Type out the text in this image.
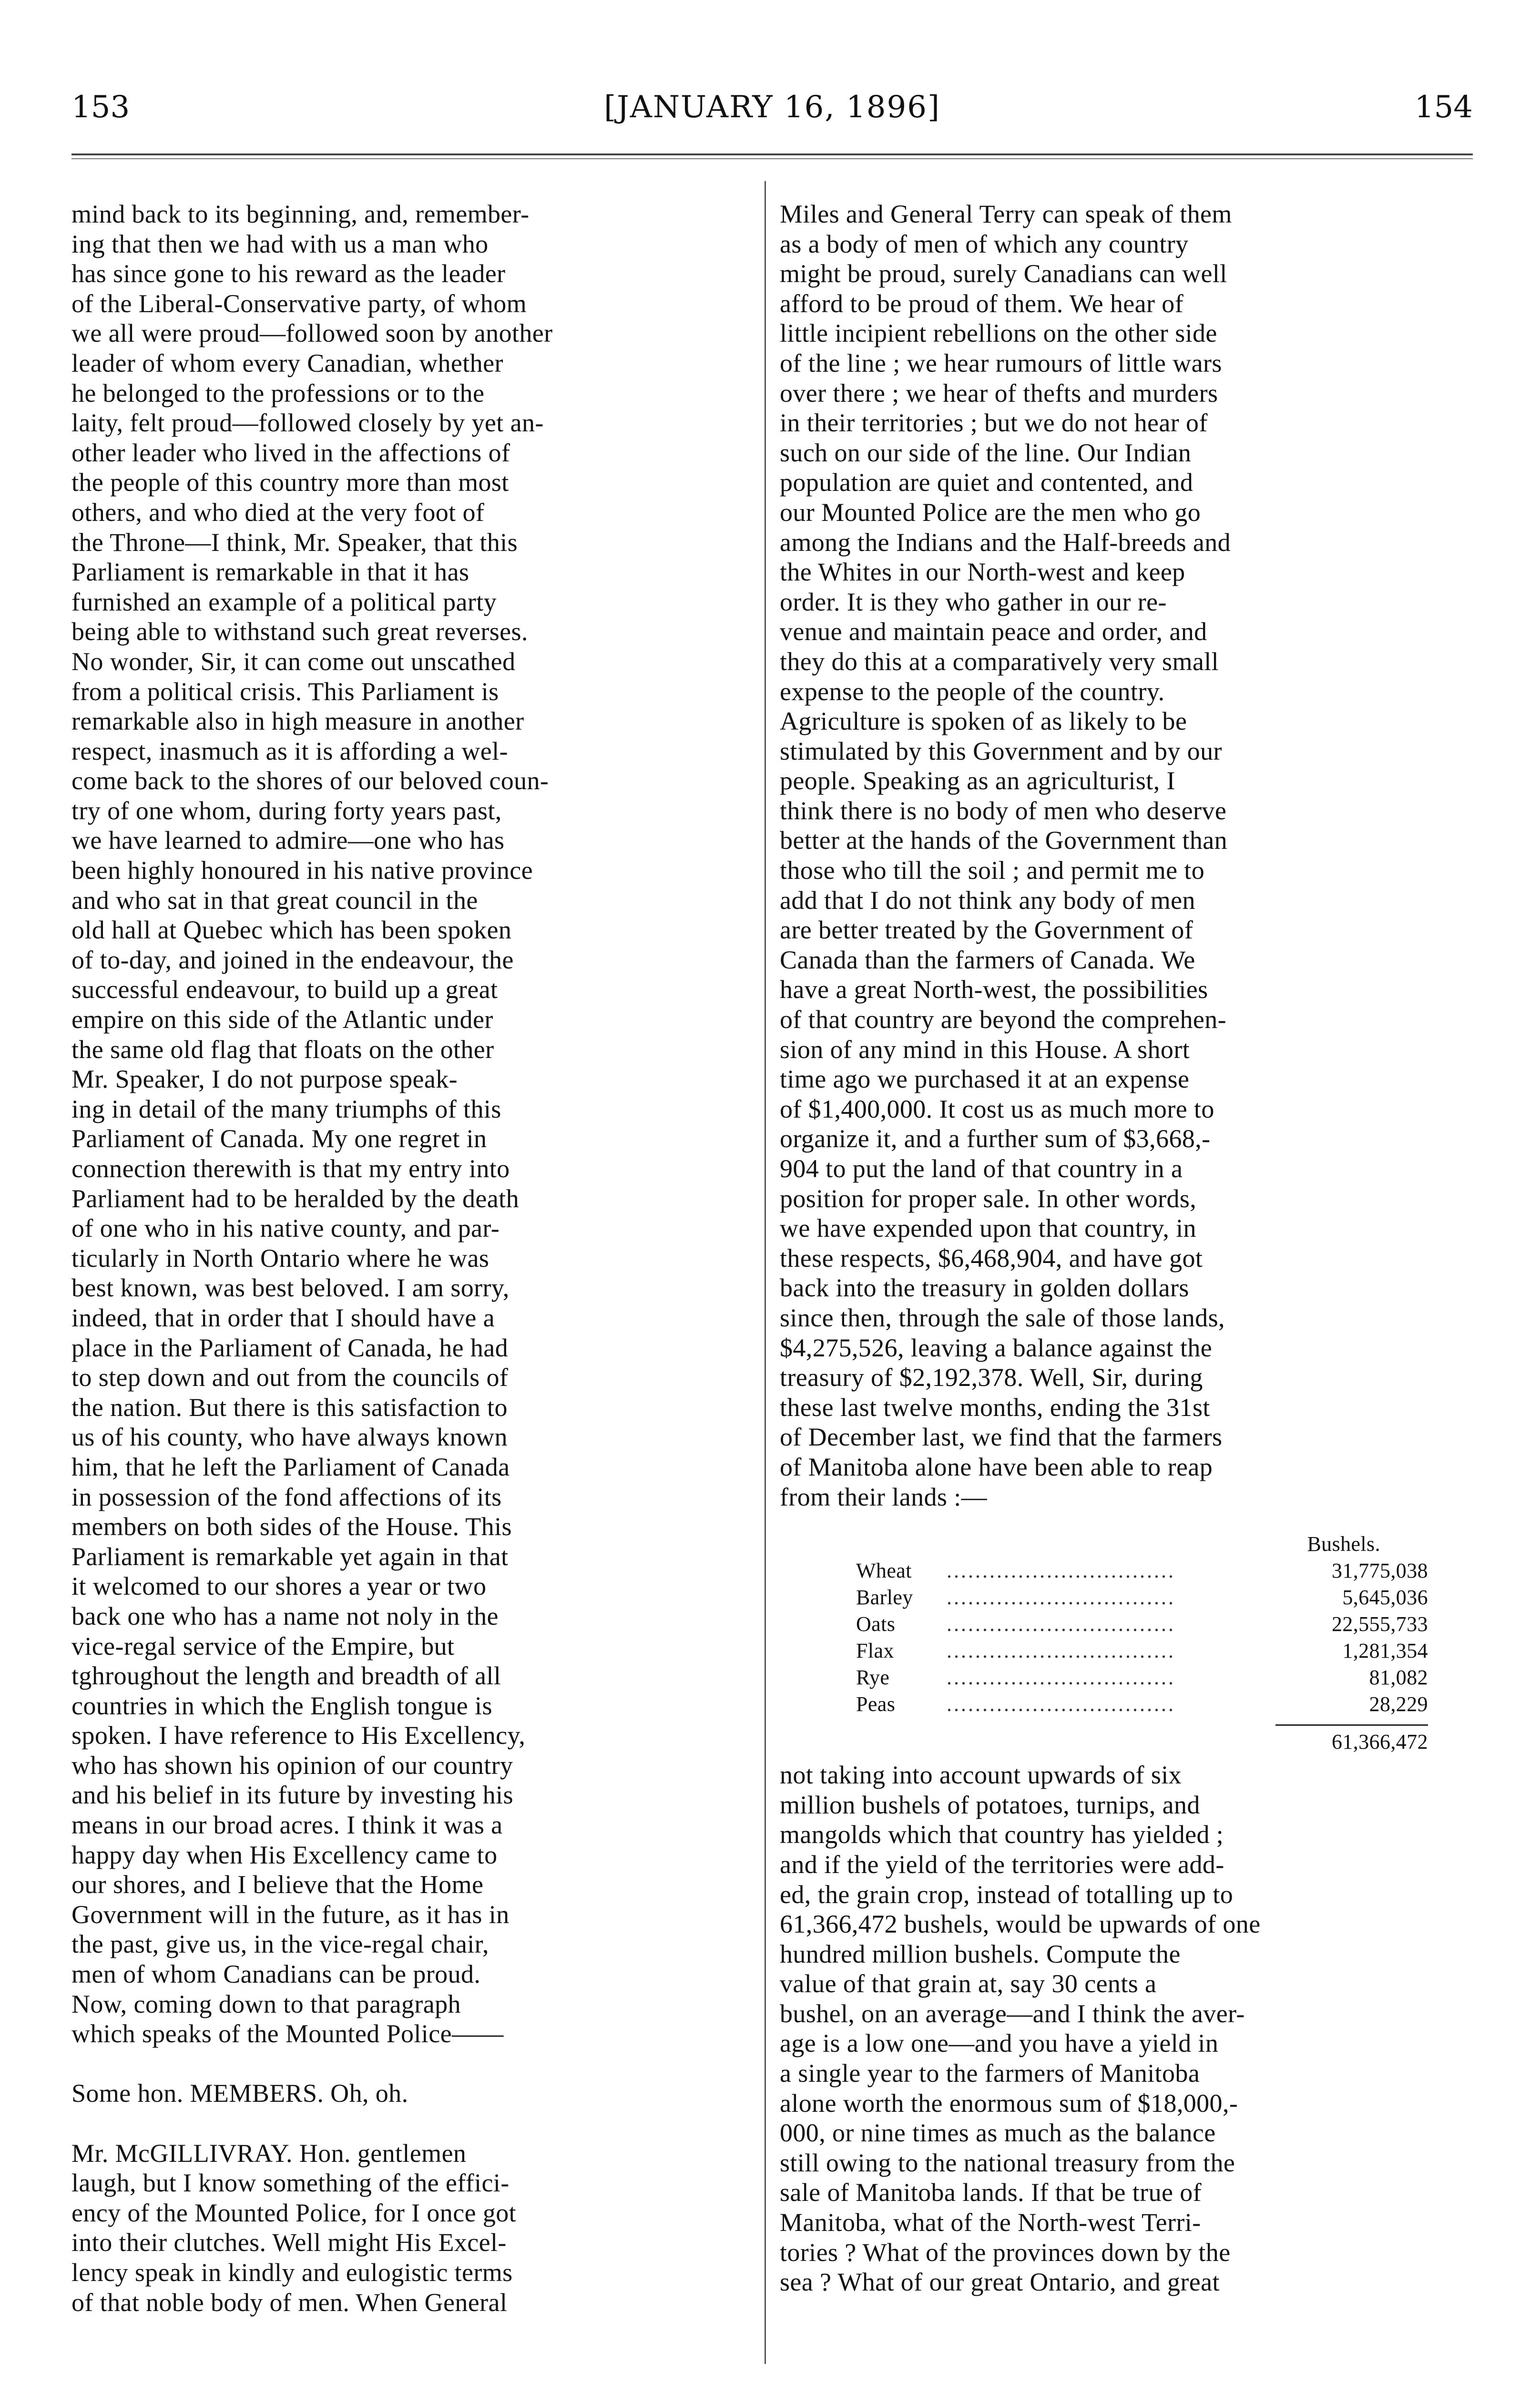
153	[JANUARY 16, 1896]	154
mind back to its beginning, and, remember-
ing that then we had with us a man who
has since gone to his reward as the leader
of the Liberal-Conservative party, of whom
we all were proud—followed soon by another
leader of whom every Canadian, whether
he belonged to the professions or to the
laity, felt proud—followed closely by yet an-
other leader who lived in the affections of
the people of this country more than most
others, and who died at the very foot of
the Throne—I think, Mr. Speaker, that this
Parliament is remarkable in that it has
furnished an example of a political party
being able to withstand such great reverses.
No wonder, Sir, it can come out unscathed
from a political crisis. This Parliament is
remarkable also in high measure in another
respect, inasmuch as it is affording a wel-
come back to the shores of our beloved coun-
try of one whom, during forty years past,
we have learned to admire—one who has
been highly honoured in his native province
and who sat in that great council in the
old hall at Quebec which has been spoken
of to-day, and joined in the endeavour, the
successful endeavour, to build up a great
empire on this side of the Atlantic under
the same old flag that floats on the other
Mr. Speaker, I do not purpose speak-
ing in detail of the many triumphs of this
Parliament of Canada. My one regret in
connection therewith is that my entry into
Parliament had to be heralded by the death
of one who in his native county, and par-
ticularly in North Ontario where he was
best known, was best beloved. I am sorry,
indeed, that in order that I should have a
place in the Parliament of Canada, he had
to step down and out from the councils of
the nation. But there is this satisfaction to
us of his county, who have always known
him, that he left the Parliament of Canada
in possession of the fond affections of its
members on both sides of the House. This
Parliament is remarkable yet again in that
it welcomed to our shores a year or two
back one who has a name not noly in the
vice-regal service of the Empire, but
tghroughout the length and breadth of all
countries in which the English tongue is
spoken. I have reference to His Excellency,
who has shown his opinion of our country
and his belief in its future by investing his
means in our broad acres. I think it was a
happy day when His Excellency came to
our shores, and I believe that the Home
Government will in the future, as it has in
the past, give us, in the vice-regal chair,
men of whom Canadians can be proud.
Now, coming down to that paragraph
which speaks of the Mounted Police——
Some hon. MEMBERS. Oh, oh.
Mr. McGILLIVRAY. Hon. gentlemen
laugh, but I know something of the effici-
ency of the Mounted Police, for I once got
into their clutches. Well might His Excel-
lency speak in kindly and eulogistic terms
of that noble body of men. When General
Miles and General Terry can speak of them
as a body of men of which any country
might be proud, surely Canadians can well
afford to be proud of them. We hear of
little incipient rebellions on the other side
of the line ; we hear rumours of little wars
over there ; we hear of thefts and murders
in their territories ; but we do not hear of
such on our side of the line. Our Indian
population are quiet and contented, and
our Mounted Police are the men who go
among the Indians and the Half-breeds and
the Whites in our North-west and keep
order. It is they who gather in our re-
venue and maintain peace and order, and
they do this at a comparatively very small
expense to the people of the country.
Agriculture is spoken of as likely to be
stimulated by this Government and by our
people. Speaking as an agriculturist, I
think there is no body of men who deserve
better at the hands of the Government than
those who till the soil ; and permit me to
add that I do not think any body of men
are better treated by the Government of
Canada than the farmers of Canada. We
have a great North-west, the possibilities
of that country are beyond the comprehen-
sion of any mind in this House. A short
time ago we purchased it at an expense
of $1,400,000. It cost us as much more to
organize it, and a further sum of $3,668,-
904 to put the land of that country in a
position for proper sale. In other words,
we have expended upon that country, in
these respects, $6,468,904, and have got
back into the treasury in golden dollars
since then, through the sale of those lands,
$4,275,526, leaving a balance against the
treasury of $2,192,378. Well, Sir, during
these last twelve months, ending the 31st
of December last, we find that the farmers
of Manitoba alone have been able to reap
from their lands :—
Bushels.
Wheat	................................	31,775,038
Barley	................................	5,645,036
Oats	................................	22,555,733
Flax	................................	1,281,354
Rye	................................	81,082
Peas	................................	28,229
61,366,472
not taking into account upwards of six
million bushels of potatoes, turnips, and
mangolds which that country has yielded ;
and if the yield of the territories were add-
ed, the grain crop, instead of totalling up to
61,366,472 bushels, would be upwards of one
hundred million bushels. Compute the
value of that grain at, say 30 cents a
bushel, on an average—and I think the aver-
age is a low one—and you have a yield in
a single year to the farmers of Manitoba
alone worth the enormous sum of $18,000,-
000, or nine times as much as the balance
still owing to the national treasury from the
sale of Manitoba lands. If that be true of
Manitoba, what of the North-west Terri-
tories ? What of the provinces down by the
sea ? What of our great Ontario, and great
